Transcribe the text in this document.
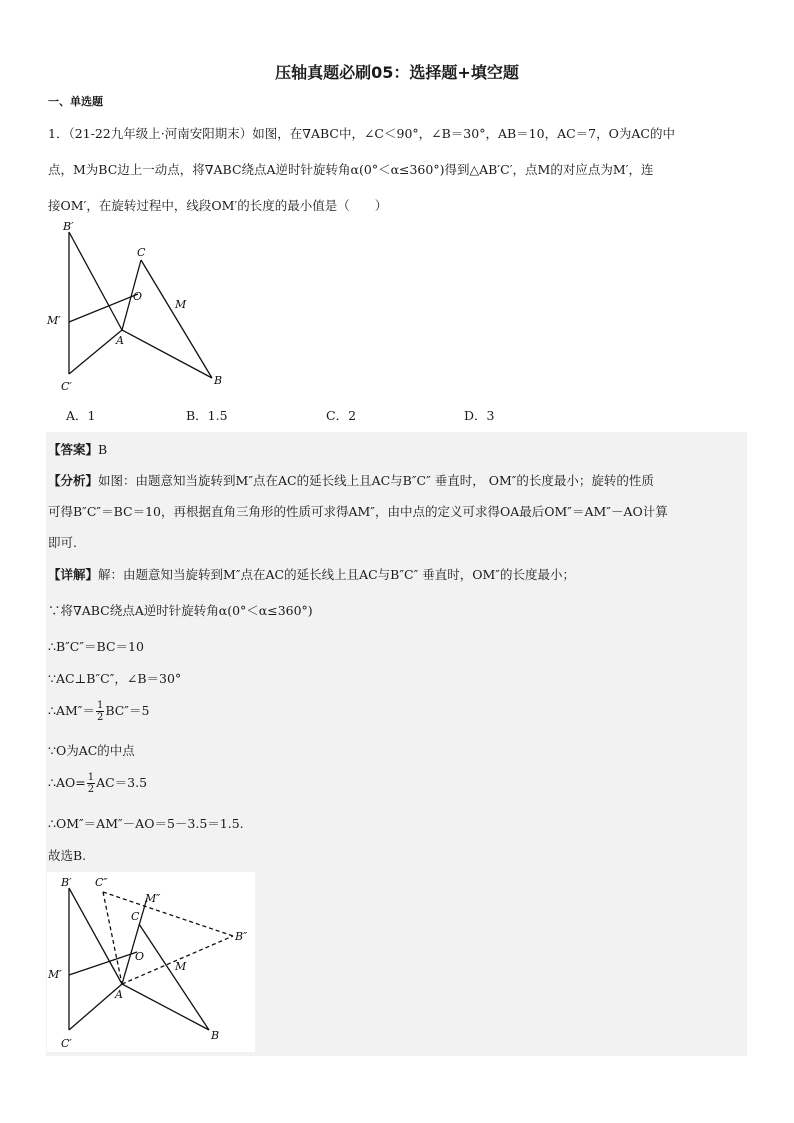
压轴真题必刷05：选择题+填空题
一、单选题
1．（21-22九年级上·河南安阳期末）如图，在∇ABC中，∠C＜90°，∠B＝30°，AB＝10，AC＝7，O为AC的中
点，M为BC边上一动点，将∇ABC绕点A逆时针旋转角α(0°＜α≤360°)得到△AB′C′，点M的对应点为M′，连
接OM′，在旋转过程中，线段OM′的长度的最小值是（　　）
B′
C
O
M
M′
A
C′	B
A．1	B．1.5	C．2	D．3
【答案】B
【分析】如图：由题意知当旋转到M″点在AC的延长线上且AC与B″C″ 垂直时， OM″的长度最小；旋转的性质
可得B″C″＝BC＝10，再根据直角三角形的性质可求得AM″，由中点的定义可求得OA最后OM″＝AM″－AO计算
即可.
【详解】解：由题意知当旋转到M″点在AC的延长线上且AC与B″C″ 垂直时，OM″的长度最小；
∵将∇ABC绕点A逆时针旋转角α(0°＜α≤360°)
∴B″C″＝BC＝10
∵AC⊥B″C″，∠B＝30°
∴AM″＝ $\frac{1}{2} BC''=5$
∵O为AC的中点
∴AO= $\frac{1}{2} AC=3.5$
∴OM″＝AM″－AO＝5－3.5＝1.5.
故选B.
B′ C″
M″
C
B″
O
M
M′
A
C′
B
